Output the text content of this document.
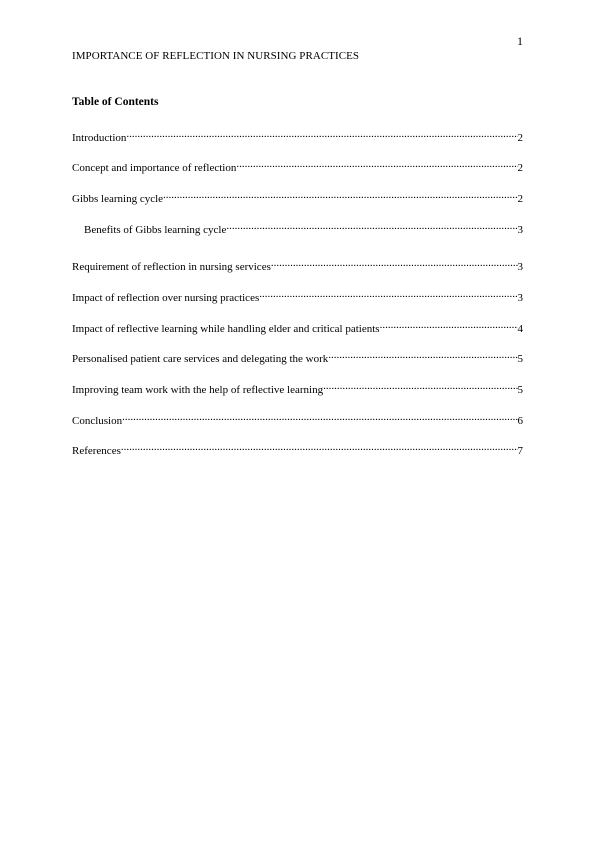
1
IMPORTANCE OF REFLECTION IN NURSING PRACTICES
Table of Contents
Introduction .....	2
Concept and importance of reflection .....	2
Gibbs learning cycle .....	2
Benefits of Gibbs learning cycle .....	3
Requirement of reflection in nursing services .....	3
Impact of reflection over nursing practices .....	3
Impact of reflective learning while handling elder and critical patients .....	4
Personalised patient care services and delegating the work .....	5
Improving team work with the help of reflective learning .....	5
Conclusion .....	6
References .....	7
